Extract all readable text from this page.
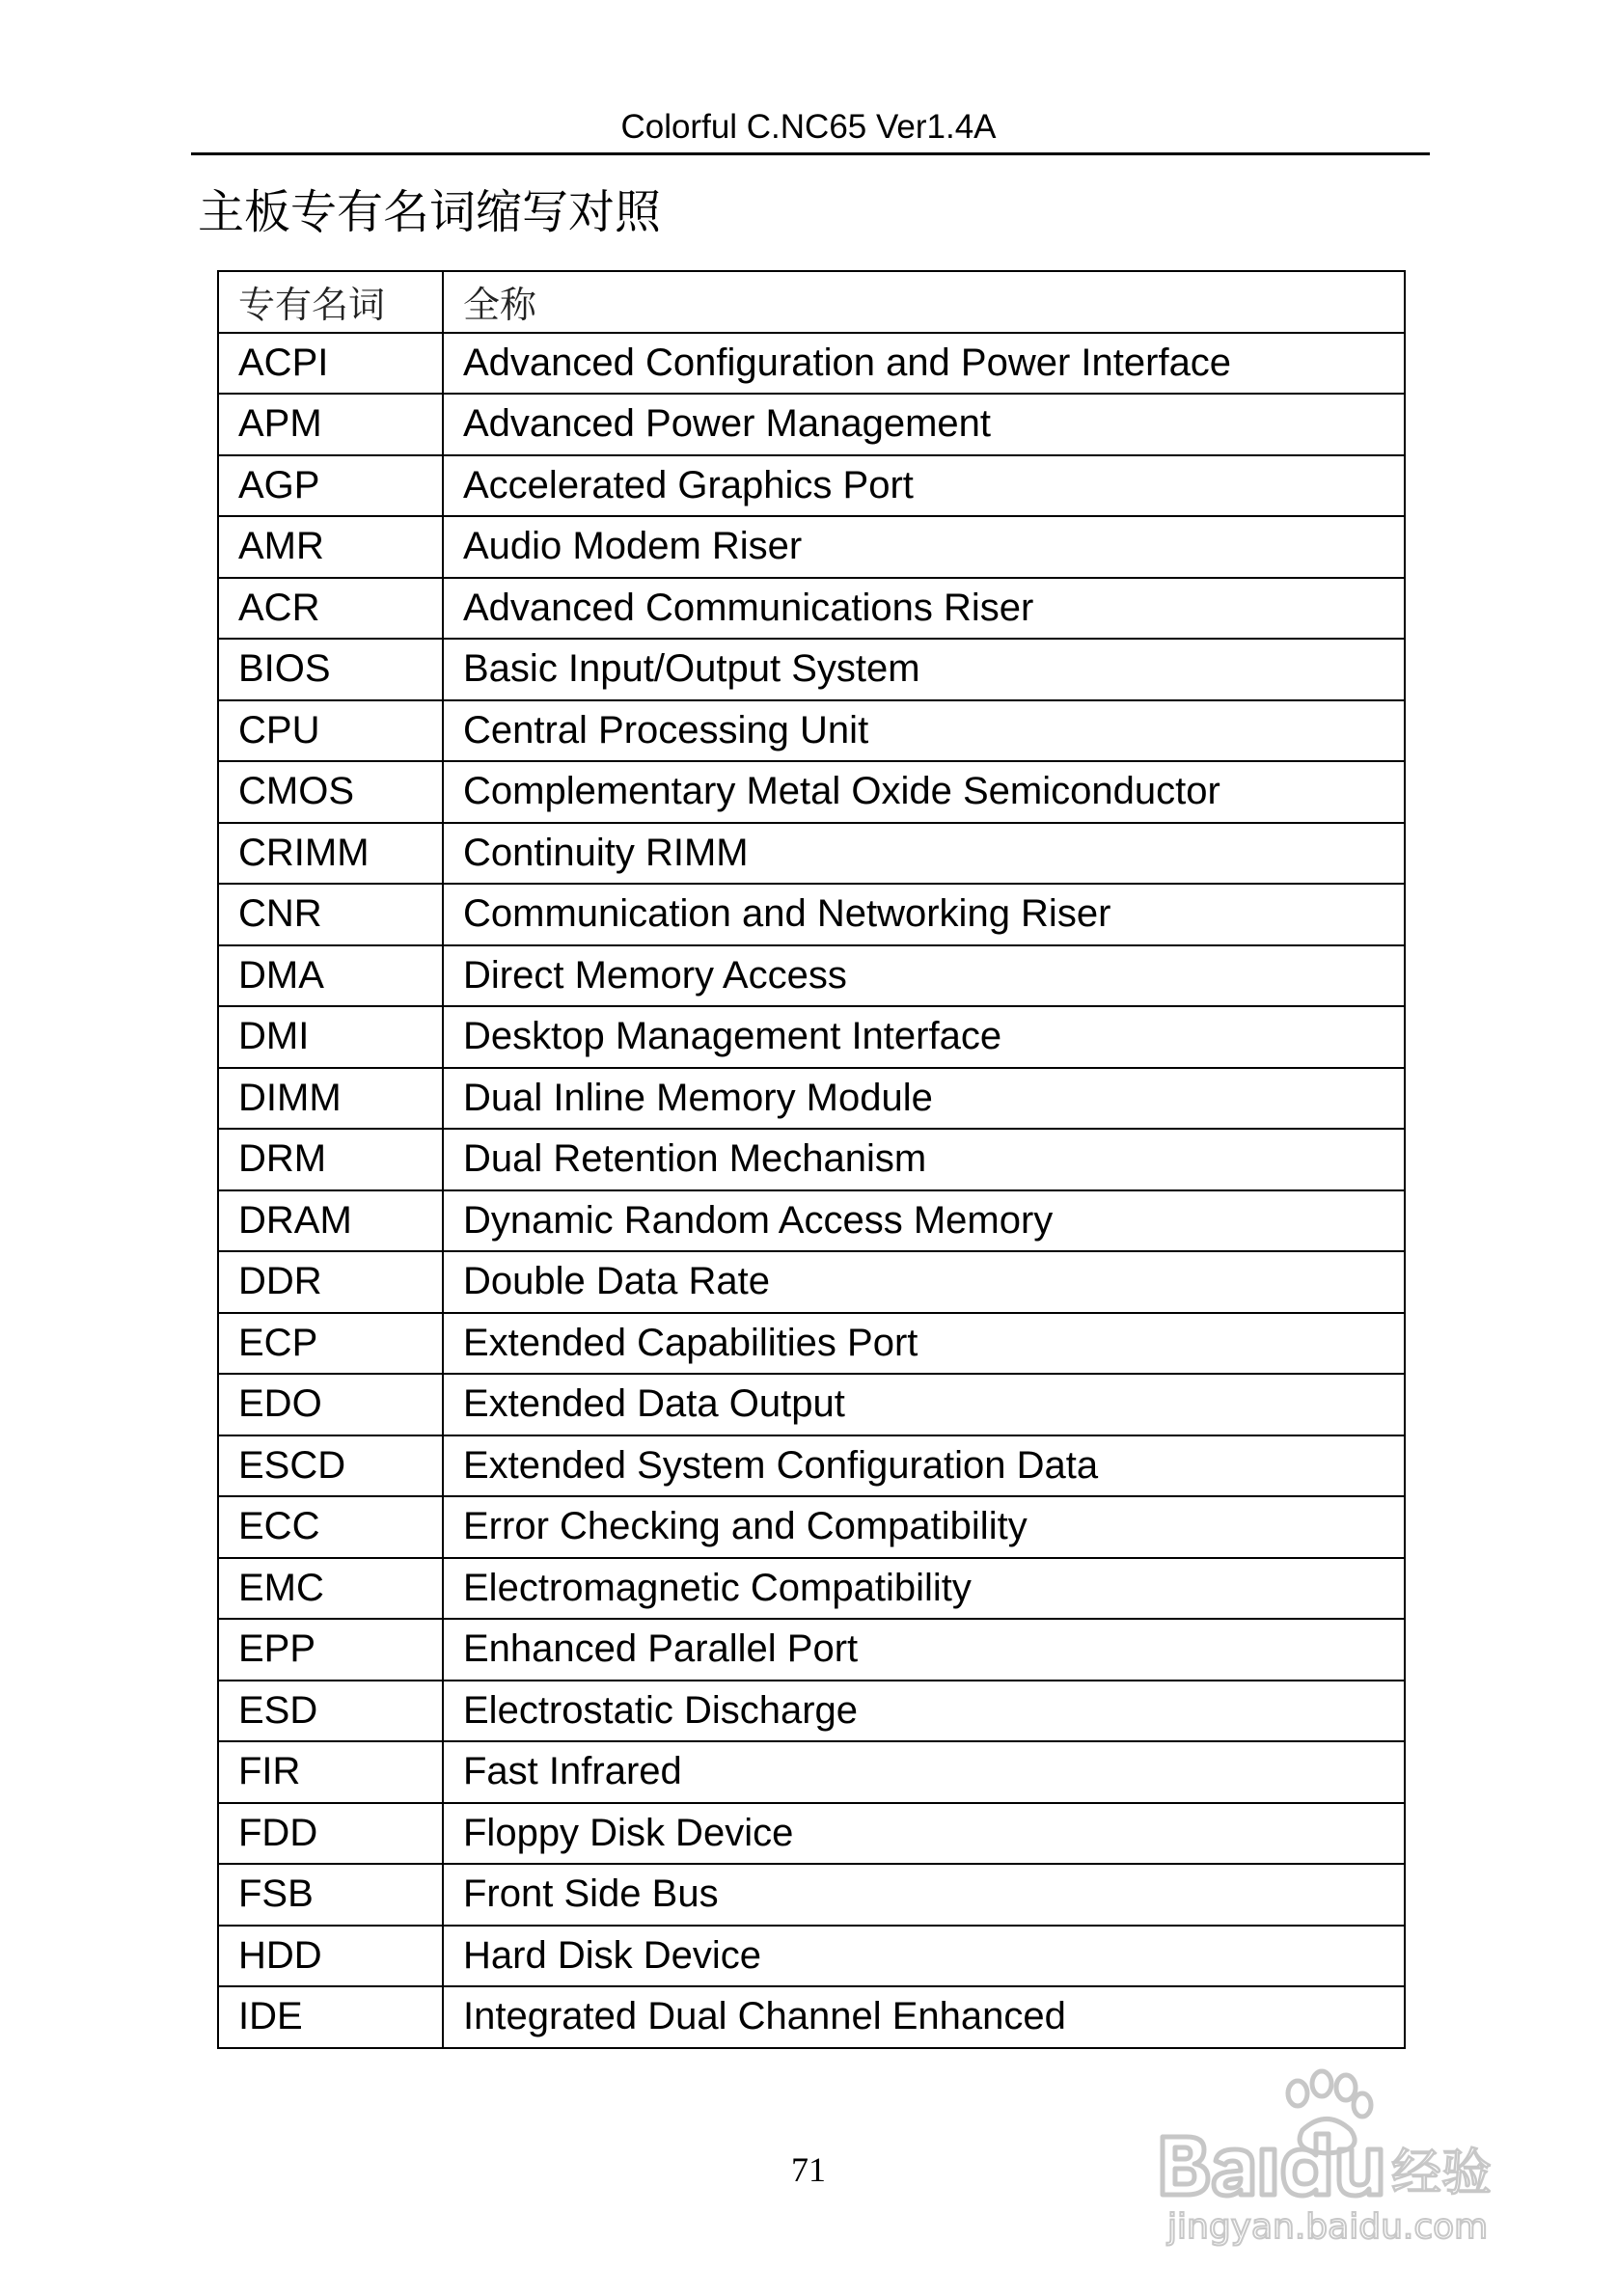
Colorful C.NC65 Ver1.4A
主板专有名词缩写对照
专有名词	全称
ACPI	Advanced Configuration and Power Interface
APM	Advanced Power Management
AGP	Accelerated Graphics Port
AMR	Audio Modem Riser
ACR	Advanced Communications Riser
BIOS	Basic Input/Output System
CPU	Central Processing Unit
CMOS	Complementary Metal Oxide Semiconductor
CRIMM	Continuity RIMM
CNR	Communication and Networking Riser
DMA	Direct Memory Access
DMI	Desktop Management Interface
DIMM	Dual Inline Memory Module
DRM	Dual Retention Mechanism
DRAM	Dynamic Random Access Memory
DDR	Double Data Rate
ECP	Extended Capabilities Port
EDO	Extended Data Output
ESCD	Extended System Configuration Data
ECC	Error Checking and Compatibility
EMC	Electromagnetic Compatibility
EPP	Enhanced Parallel Port
ESD	Electrostatic Discharge
FIR	Fast Infrared
FDD	Floppy Disk Device
FSB	Front Side Bus
HDD	Hard Disk Device
IDE	Integrated Dual Channel Enhanced
71	经验
jingyan.baidu.com
